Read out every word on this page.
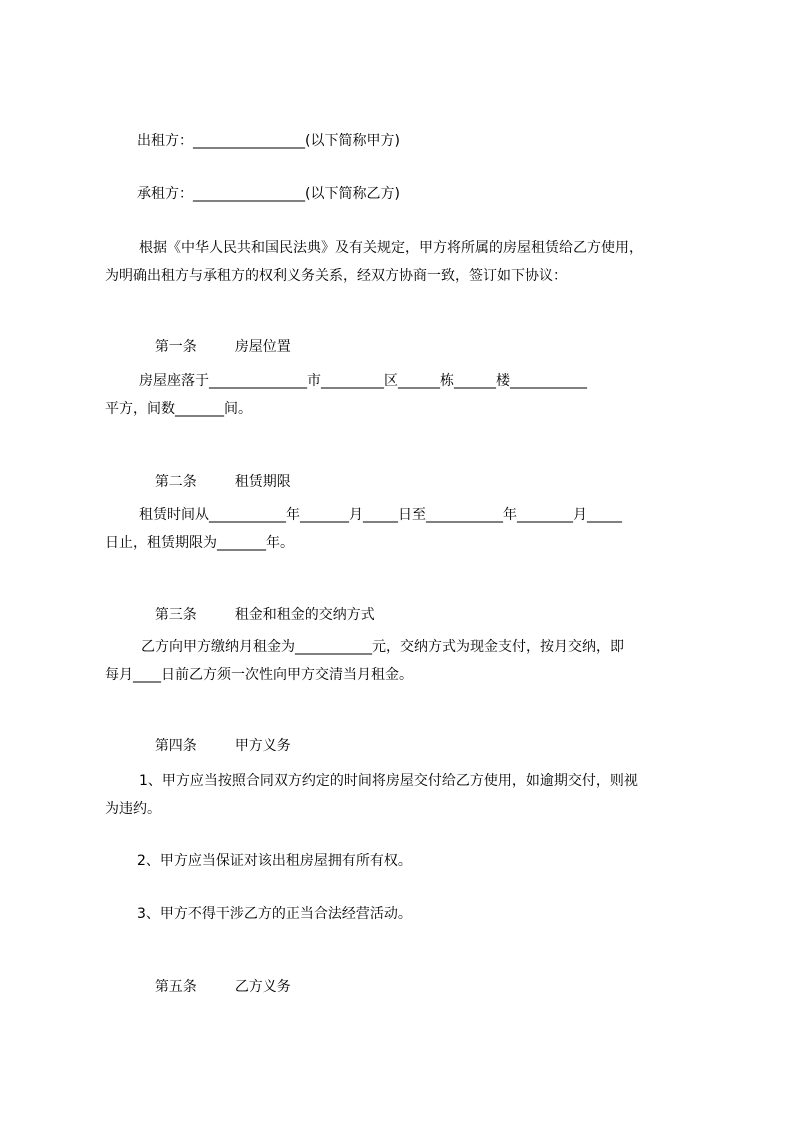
出租方：________________(以下简称甲方)
承租方：________________(以下简称乙方)
根据《中华人民共和国民法典》及有关规定，甲方将所属的房屋租赁给乙方使用，
为明确出租方与承租方的权利义务关系，经双方协商一致，签订如下协议：

第一条	房屋位置

房屋座落于______________市_________区______栋______楼___________
平方，间数_______间。

第二条	租赁期限

租赁时间从___________年_______月_____日至___________年________月_____
日止，租赁期限为_______年。

第三条	租金和租金的交纳方式

乙方向甲方缴纳月租金为___________元，交纳方式为现金支付，按月交纳，即
每月____日前乙方须一次性向甲方交清当月租金。

第四条	甲方义务

1、甲方应当按照合同双方约定的时间将房屋交付给乙方使用，如逾期交付，则视
为违约。
2、甲方应当保证对该出租房屋拥有所有权。
3、甲方不得干涉乙方的正当合法经营活动。

第五条	乙方义务
